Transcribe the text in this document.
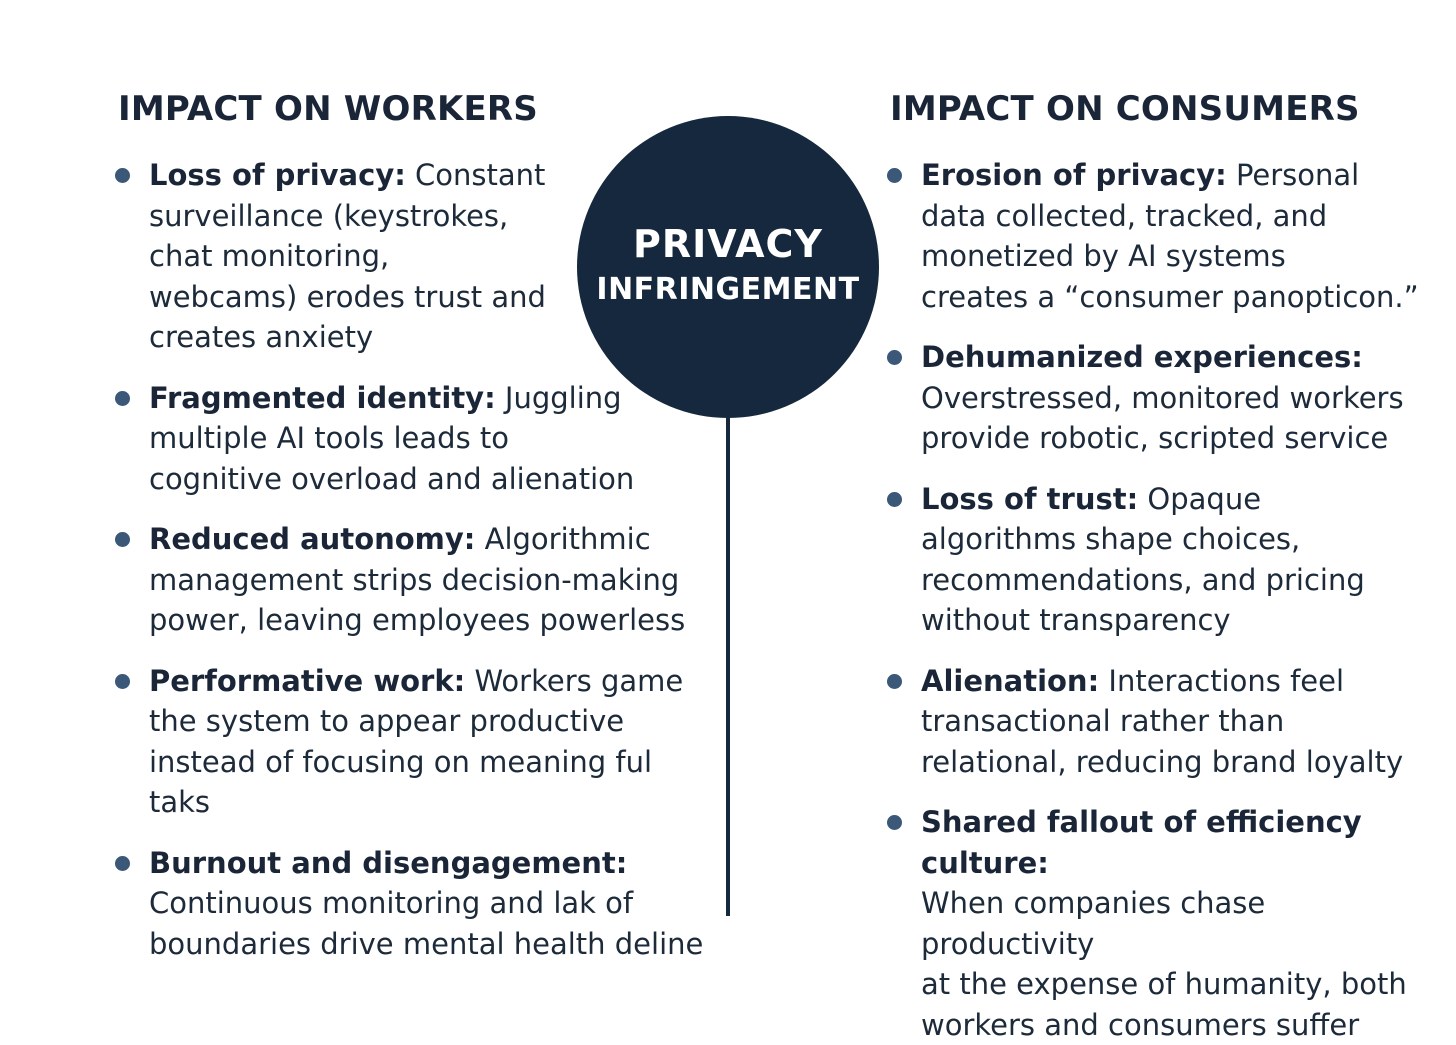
IMPACT ON WORKERS	IMPACT ON CONSUMERS
Loss of privacy: Constant
surveillance (keystrokes,
chat monitoring,
webcams) erodes trust and
creates anxiety
Fragmented identity: Juggling
multiple AI tools leads to
cognitive overload and alienation
Reduced autonomy: Algorithmic
management strips decision-making
power, leaving employees powerless
Performative work: Workers game
the system to appear productive
instead of focusing on meaning ful taks
Burnout and disengagement:
Continuous monitoring and lak of
boundaries drive mental health deline
Erosion of privacy: Personal
data collected, tracked, and
monetized by AI systems
creates a “consumer panopticon.”
Dehumanized experiences:
Overstressed, monitored workers
provide robotic, scripted service
Loss of trust: Opaque
algorithms shape choices,
recommendations, and pricing
without transparency
Alienation: Interactions feel
transactional rather than
relational, reducing brand loyalty
Shared fallout of efficiency culture:
When companies chase productivity
at the expense of humanity, both
workers and consumers suffer
PRIVACY
INFRINGEMENT
